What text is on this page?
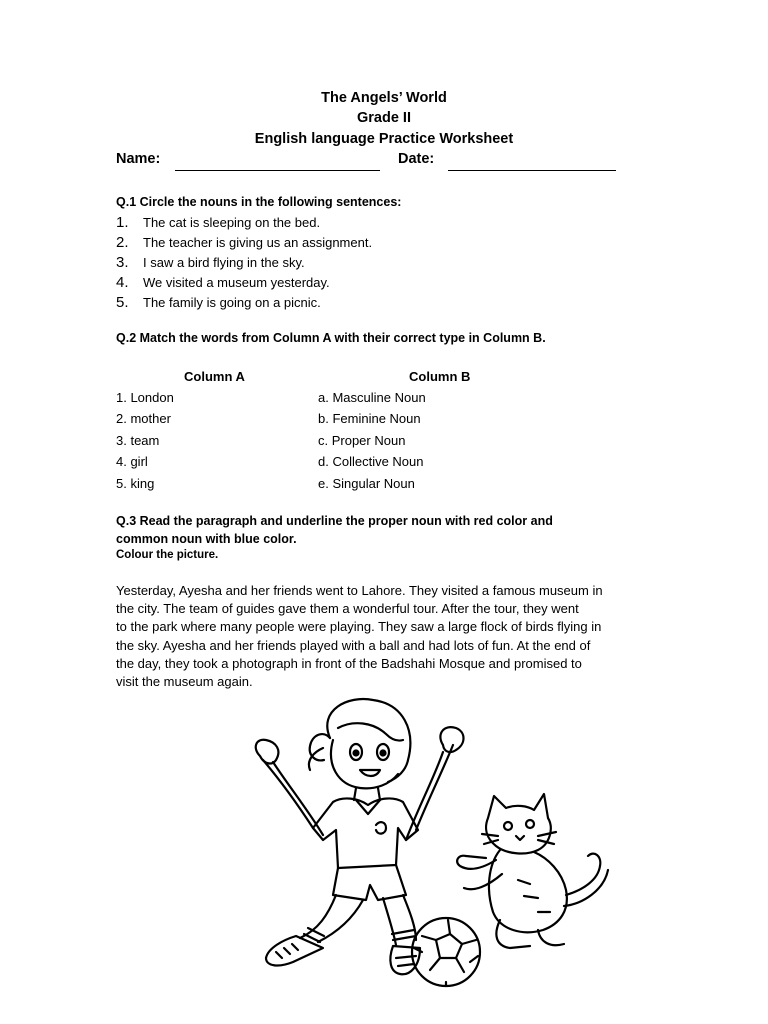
The Angels’ World
Grade II
English language Practice Worksheet
Name:	Date:
Q.1 Circle the nouns in the following sentences:
1. The cat is sleeping on the bed.
2. The teacher is giving us an assignment.
3. I saw a bird flying in the sky.
4. We visited a museum yesterday.
5. The family is going on a picnic.
Q.2 Match the words from Column A with their correct type in Column B.
Column A	Column B
1. London
2. mother
3. team
4. girl
5. king
a. Masculine Noun
b. Feminine Noun
c. Proper Noun
d. Collective Noun
e. Singular Noun
Q.3 Read the paragraph and underline the proper noun with red color and
common noun with blue color.
Colour the picture.
Yesterday, Ayesha and her friends went to Lahore. They visited a famous museum in
the city. The team of guides gave them a wonderful tour. After the tour, they went
to the park where many people were playing. They saw a large flock of birds flying in
the sky. Ayesha and her friends played with a ball and had lots of fun. At the end of
the day, they took a photograph in front of the Badshahi Mosque and promised to
visit the museum again.
